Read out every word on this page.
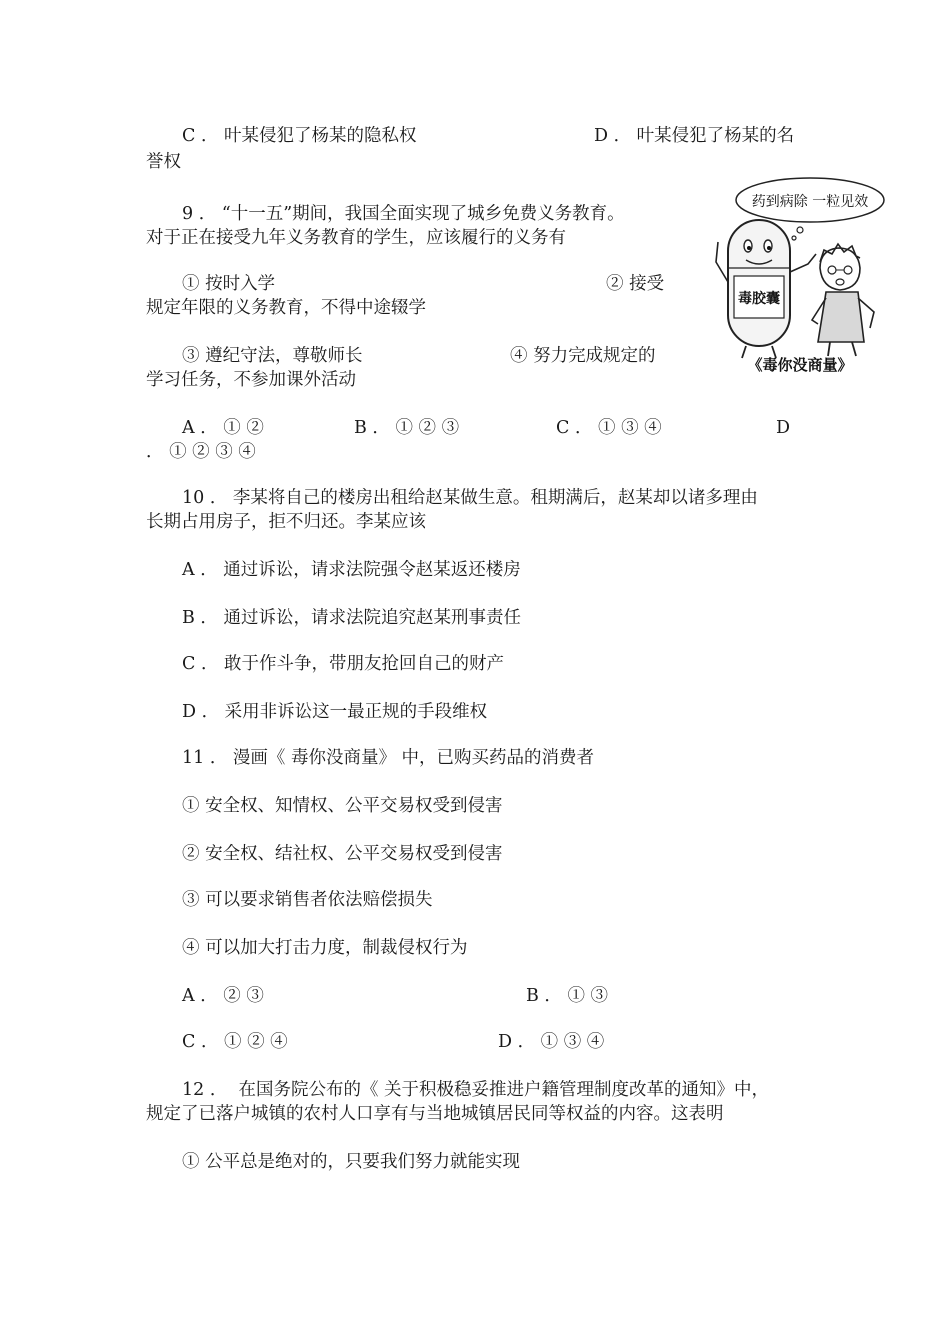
C ． 叶某侵犯了杨某的隐私权	D ． 叶某侵犯了杨某的名
誉权
9 ． “十一五”期间，我国全面实现了城乡免费义务教育。
对于正在接受九年义务教育的学生，应该履行的义务有
① 按时入学	② 接受
规定年限的义务教育，不得中途辍学
③ 遵纪守法，尊敬师长	④ 努力完成规定的
学习任务，不参加课外活动
A ． ① ②	B ． ① ② ③	C ． ① ③ ④	D
． ① ② ③ ④
药到病除 一粒见效
毒胶囊
《毒你没商量》
10 ． 李某将自己的楼房出租给赵某做生意。租期满后，赵某却以诸多理由
长期占用房子，拒不归还。李某应该
A ． 通过诉讼，请求法院强令赵某返还楼房
B ． 通过诉讼，请求法院追究赵某刑事责任
C ． 敢于作斗争，带朋友抢回自己的财产
D ． 采用非诉讼这一最正规的手段维权
11 ． 漫画《 毒你没商量》 中，已购买药品的消费者
① 安全权、知情权、公平交易权受到侵害
② 安全权、结社权、公平交易权受到侵害
③ 可以要求销售者依法赔偿损失
④ 可以加大打击力度，制裁侵权行为
A ． ② ③	B ． ① ③
C ． ① ② ④	D ． ① ③ ④
12 ．  在国务院公布的《 关于积极稳妥推进户籍管理制度改革的通知》中，
规定了已落户城镇的农村人口享有与当地城镇居民同等权益的内容。这表明
① 公平总是绝对的，只要我们努力就能实现
